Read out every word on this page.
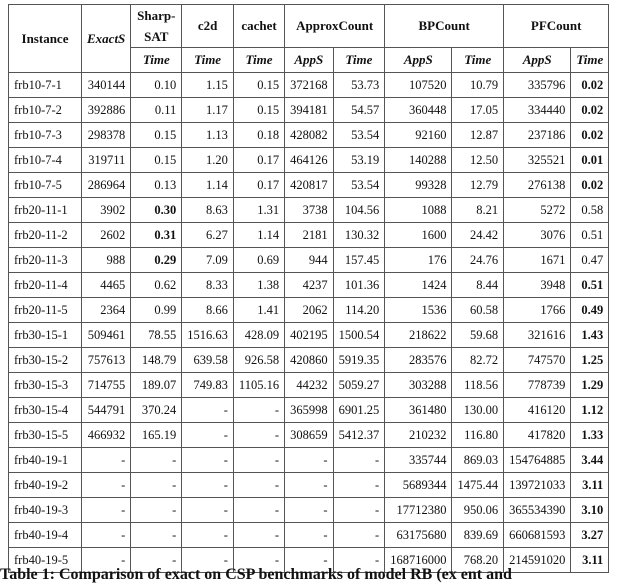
Instance	ExactS	Sharp-
SAT	c2d	cachet	ApproxCount		BPCount		PFCount	
		Time	Time	Time	AppS	Time	AppS	Time	AppS	Time
frb10-7-1	340144	0.10	1.15	0.15	372168	53.73	107520	10.79	335796	0.02
frb10-7-2	392886	0.11	1.17	0.15	394181	54.57	360448	17.05	334440	0.02
frb10-7-3	298378	0.15	1.13	0.18	428082	53.54	92160	12.87	237186	0.02
frb10-7-4	319711	0.15	1.20	0.17	464126	53.19	140288	12.50	325521	0.01
frb10-7-5	286964	0.13	1.14	0.17	420817	53.54	99328	12.79	276138	0.02
frb20-11-1	3902	0.30	8.63	1.31	3738	104.56	1088	8.21	5272	0.58
frb20-11-2	2602	0.31	6.27	1.14	2181	130.32	1600	24.42	3076	0.51
frb20-11-3	988	0.29	7.09	0.69	944	157.45	176	24.76	1671	0.47
frb20-11-4	4465	0.62	8.33	1.38	4237	101.36	1424	8.44	3948	0.51
frb20-11-5	2364	0.99	8.66	1.41	2062	114.20	1536	60.58	1766	0.49
frb30-15-1	509461	78.55	1516.63	428.09	402195	1500.54	218622	59.68	321616	1.43
frb30-15-2	757613	148.79	639.58	926.58	420860	5919.35	283576	82.72	747570	1.25
frb30-15-3	714755	189.07	749.83	1105.16	44232	5059.27	303288	118.56	778739	1.29
frb30-15-4	544791	370.24	-	-	365998	6901.25	361480	130.00	416120	1.12
frb30-15-5	466932	165.19	-	-	308659	5412.37	210232	116.80	417820	1.33
frb40-19-1	-	-	-	-	-	-	335744	869.03	154764885	3.44
frb40-19-2	-	-	-	-	-	-	5689344	1475.44	139721033	3.11
frb40-19-3	-	-	-	-	-	-	17712380	950.06	365534390	3.10
frb40-19-4	-	-	-	-	-	-	63175680	839.69	660681593	3.27
frb40-19-5	-	-	-	-	-	-	168716000	768.20	214591020	3.11
Table 1: Comparison of exact on CSP benchmarks of model RB (ex ent and
